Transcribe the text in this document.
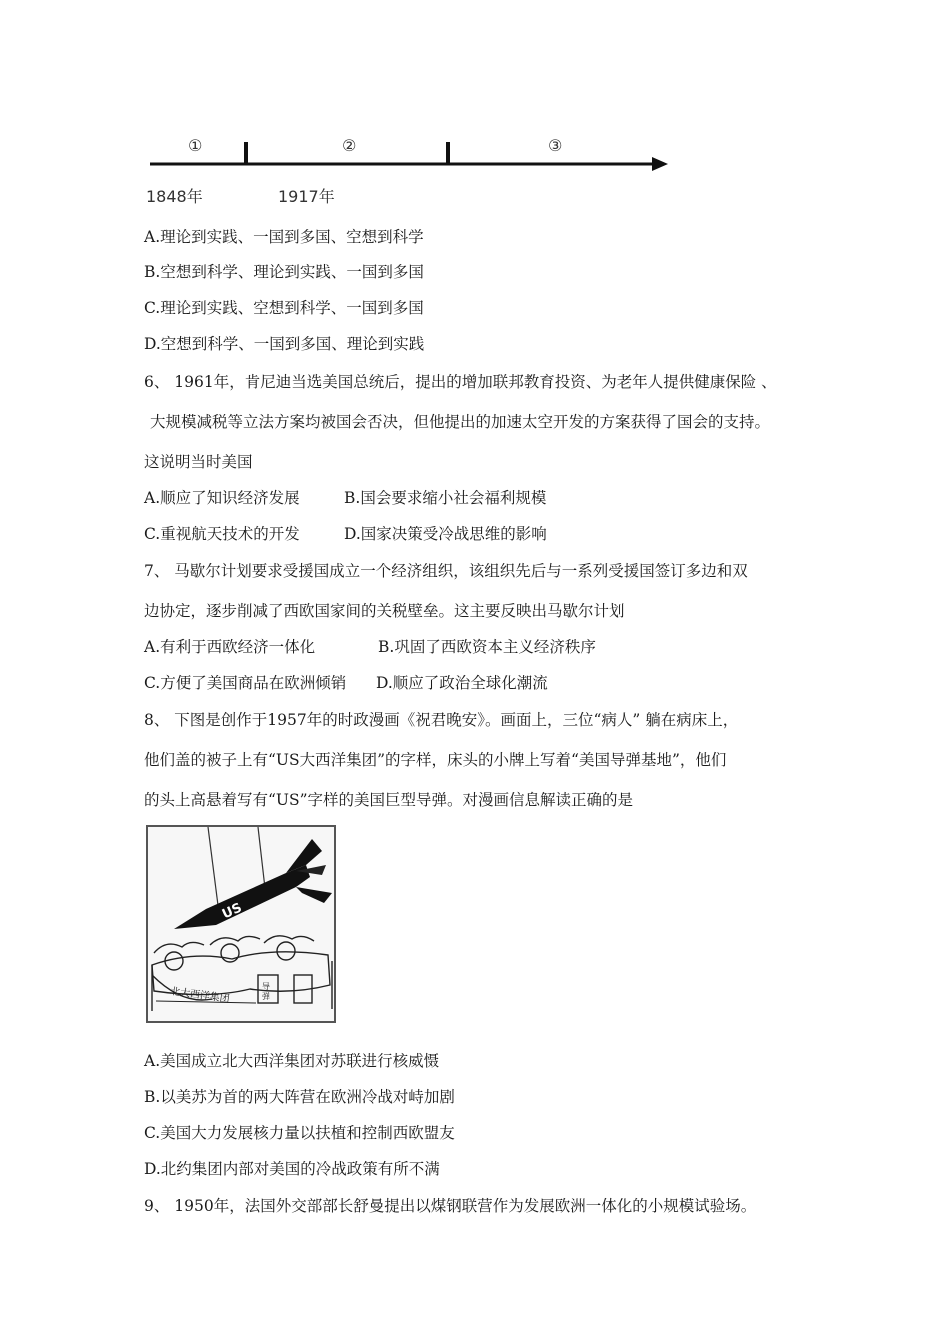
①	②	③
1848年	1917年

A.理论到实践、一国到多国、空想到科学

B.空想到科学、理论到实践、一国到多国

C.理论到实践、空想到科学、一国到多国

D.空想到科学、一国到多国、理论到实践

6、 1961年，肯尼迪当选美国总统后，提出的增加联邦教育投资、为老年人提供健康保险 、

大规模减税等立法方案均被国会否决，但他提出的加速太空开发的方案获得了国会的支持。

这说明当时美国

A.顺应了知识经济发展	B.国会要求缩小社会福利规模

C.重视航天技术的开发	D.国家决策受冷战思维的影响

7、 马歇尔计划要求受援国成立一个经济组织，该组织先后与一系列受援国签订多边和双

边协定，逐步削减了西欧国家间的关税壁垒。这主要反映出马歇尔计划

A.有利于西欧经济一体化	B.巩固了西欧资本主义经济秩序

C.方便了美国商品在欧洲倾销 D.顺应了政治全球化潮流

8、 下图是创作于1957年的时政漫画《祝君晚安》。画面上，三位“病人” 躺在病床上，

他们盖的被子上有“US大西洋集团”的字样，床头的小牌上写着“美国导弹基地”，他们

的头上高悬着写有“US”字样的美国巨型导弹。对漫画信息解读正确的是

US
北大西洋集团	导
弹

A.美国成立北大西洋集团对苏联进行核威慑

B.以美苏为首的两大阵营在欧洲冷战对峙加剧

C.美国大力发展核力量以扶植和控制西欧盟友

D.北约集团内部对美国的冷战政策有所不满

9、 1950年，法国外交部部长舒曼提出以煤钢联营作为发展欧洲一体化的小规模试验场。
